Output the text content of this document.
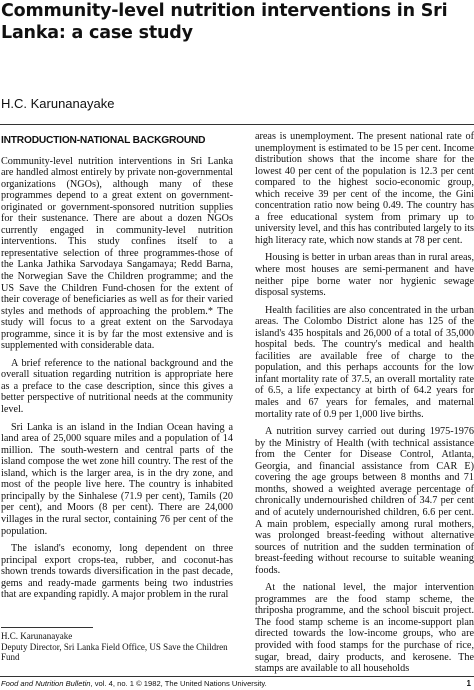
Community-level nutrition interventions in Sri Lanka: a case study
H.C. Karunanayake
INTRODUCTION-NATIONAL BACKGROUND

Community-level nutrition interventions in Sri Lanka are handled almost entirely by private non-governmental organizations (NGOs), although many of these programmes depend to a great extent on government-originated or government-sponsored nutrition supplies for their sustenance. There are about a dozen NGOs currently engaged in community-level nutrition interventions. This study confines itself to a representative selection of three programmes-those of the Lanka Jathika Sarvodaya Sangamaya; Redd Barna, the Norwegian Save the Children programme; and the US Save the Children Fund-chosen for the extent of their coverage of beneficiaries as well as for their varied styles and methods of approaching the problem.* The study will focus to a great extent on the Sarvodaya programme, since it is by far the most extensive and is supplemented with considerable data.

A brief reference to the national background and the overall situation regarding nutrition is appropriate here as a preface to the case description, since this gives a better perspective of nutritional needs at the community level.

Sri Lanka is an island in the Indian Ocean having a land area of 25,000 square miles and a population of 14 million. The south-western and central parts of the island compose the wet zone hill country. The rest of the island, which is the larger area, is in the dry zone, and most of the people live here. The country is inhabited principally by the Sinhalese (71.9 per cent), Tamils (20 per cent), and Moors (8 per cent). There are 24,000 villages in the rural sector, containing 76 per cent of the population.

The island's economy, long dependent on three principal export crops-tea, rubber, and coconut-has shown trends towards diversification in the past decade, gems and ready-made garments being two industries that are expanding rapidly. A major problem in the rural

H.C. Karunanayake
Deputy Director, Sri Lanka Field Office, US Save the Children Fund

areas is unemployment. The present national rate of unemployment is estimated to be 15 per cent. Income distribution shows that the income share for the lowest 40 per cent of the population is 12.3 per cent compared to the highest socio-economic group, which receive 39 per cent of the income, the Gini concentration ratio now being 0.49. The country has a free educational system from primary up to university level, and this has contributed largely to its high literacy rate, which now stands at 78 per cent.

Housing is better in urban areas than in rural areas, where most houses are semi-permanent and have neither pipe borne water nor hygienic sewage disposal systems.

Health facilities are also concentrated in the urban areas. The Colombo District alone has 125 of the island's 435 hospitals and 26,000 of a total of 35,000 hospital beds. The country's medical and health facilities are available free of charge to the population, and this perhaps accounts for the low infant mortality rate of 37.5, an overall mortality rate of 6.5, a life expectancy at birth of 64.2 years for males and 67 years for females, and maternal mortality rate of 0.9 per 1,000 live births.

A nutrition survey carried out during 1975-1976 by the Ministry of Health (with technical assistance from the Center for Disease Control, Atlanta, Georgia, and financial assistance from CAR E) covering the age groups between 8 months and 71 months, showed a weighted average percentage of chronically undernourished children of 34.7 per cent and of acutely undernourished children, 6.6 per cent. A main problem, especially among rural mothers, was prolonged breast-feeding without alternative sources of nutrition and the sudden termination of breast-feeding without recourse to suitable weaning foods.

At the national level, the major intervention programmes are the food stamp scheme, the thriposha programme, and the school biscuit project. The food stamp scheme is an income-support plan directed towards the low-income groups, who are provided with food stamps for the purchase of rice, sugar, bread, dairy products, and kerosene. The stamps are available to all households

Food and Nutrition Bulletin, vol. 4, no. 1 © 1982, The United Nations University.	1
